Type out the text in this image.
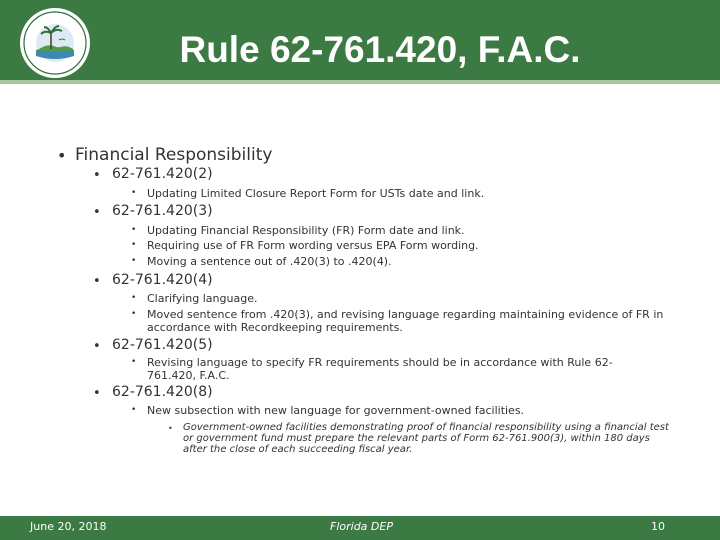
Rule 62-761.420, F.A.C.
• Financial Responsibility

• 62-761.420(2)

• Updating Limited Closure Report Form for USTs date and link.

• 62-761.420(3)

• Updating Financial Responsibility (FR) Form date and link.

• Requiring use of FR Form wording versus EPA Form wording.

• Moving a sentence out of .420(3) to .420(4).

• 62-761.420(4)

• Clarifying language.

• Moved sentence from .420(3), and revising language regarding maintaining evidence of FR in accordance with Recordkeeping requirements.

• 62-761.420(5)

• Revising language to specify FR requirements should be in accordance with Rule 62-761.420, F.A.C.

• 62-761.420(8)

• New subsection with new language for government-owned facilities.

• Government-owned facilities demonstrating proof of financial responsibility using a financial test or government fund must prepare the relevant parts of Form 62-761.900(3), within 180 days after the close of each succeeding fiscal year.

June 20, 2018	Florida DEP	10
